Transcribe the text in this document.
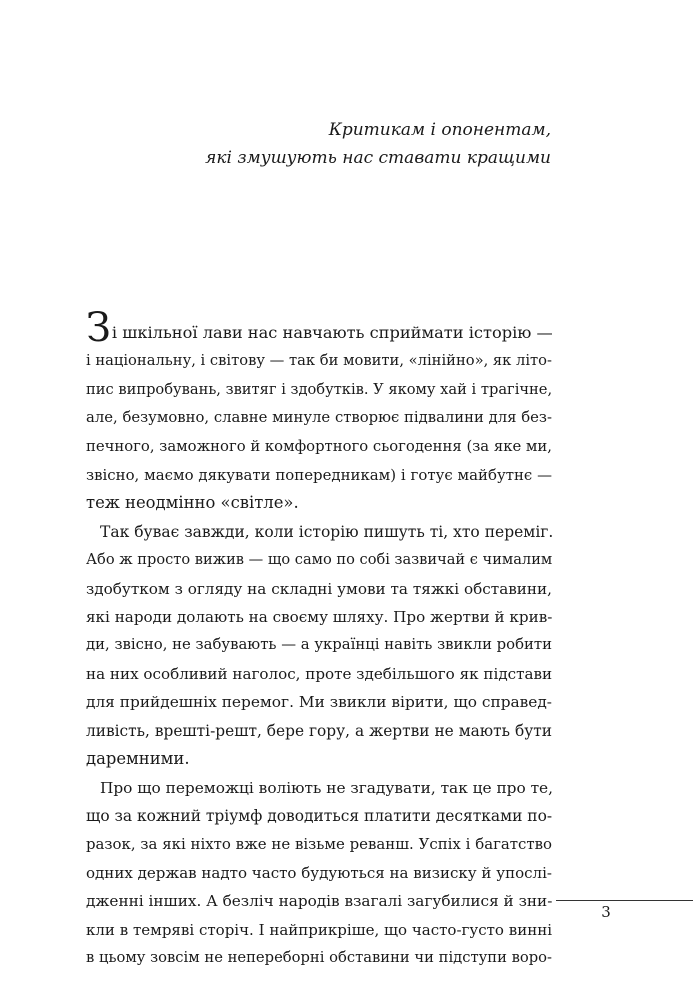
Критикам і опонентам,
які змушують нас ставати кращими
Зі шкільної лави нас навчають сприймати історію —
і національну, і світову — так би мовити, «лінійно», як літо-
пис випробувань, звитяг і здобутків. У якому хай і трагічне,
але, безумовно, славне минуле створює підвалини для без-
печного, заможного й комфортного сьогодення (за яке ми,
звісно, маємо дякувати попередникам) і готує майбутнє —
теж неодмінно «світле».
Так буває завжди, коли історію пишуть ті, хто переміг.
Або ж просто вижив — що само по собі зазвичай є чималим
здобутком з огляду на складні умови та тяжкі обставини,
які народи долають на своєму шляху. Про жертви й крив-
ди, звісно, не забувають — а українці навіть звикли робити
на них особливий наголос, проте здебільшого як підстави
для прийдешніх перемог. Ми звикли вірити, що справед-
ливість, врешті-решт, бере гору, а жертви не мають бути
даремними.
Про що переможці воліють не згадувати, так це про те,
що за кожний тріумф доводиться платити десятками по-
разок, за які ніхто вже не візьме реванш. Успіх і багатство
одних держав надто часто будуються на визиску й упослі-
дженні інших. А безліч народів взагалі загубилися й зни-
кли в темряві сторіч. І найприкріше, що часто-густо винні
в цьому зовсім не непереборні обставини чи підступи воро-
3
